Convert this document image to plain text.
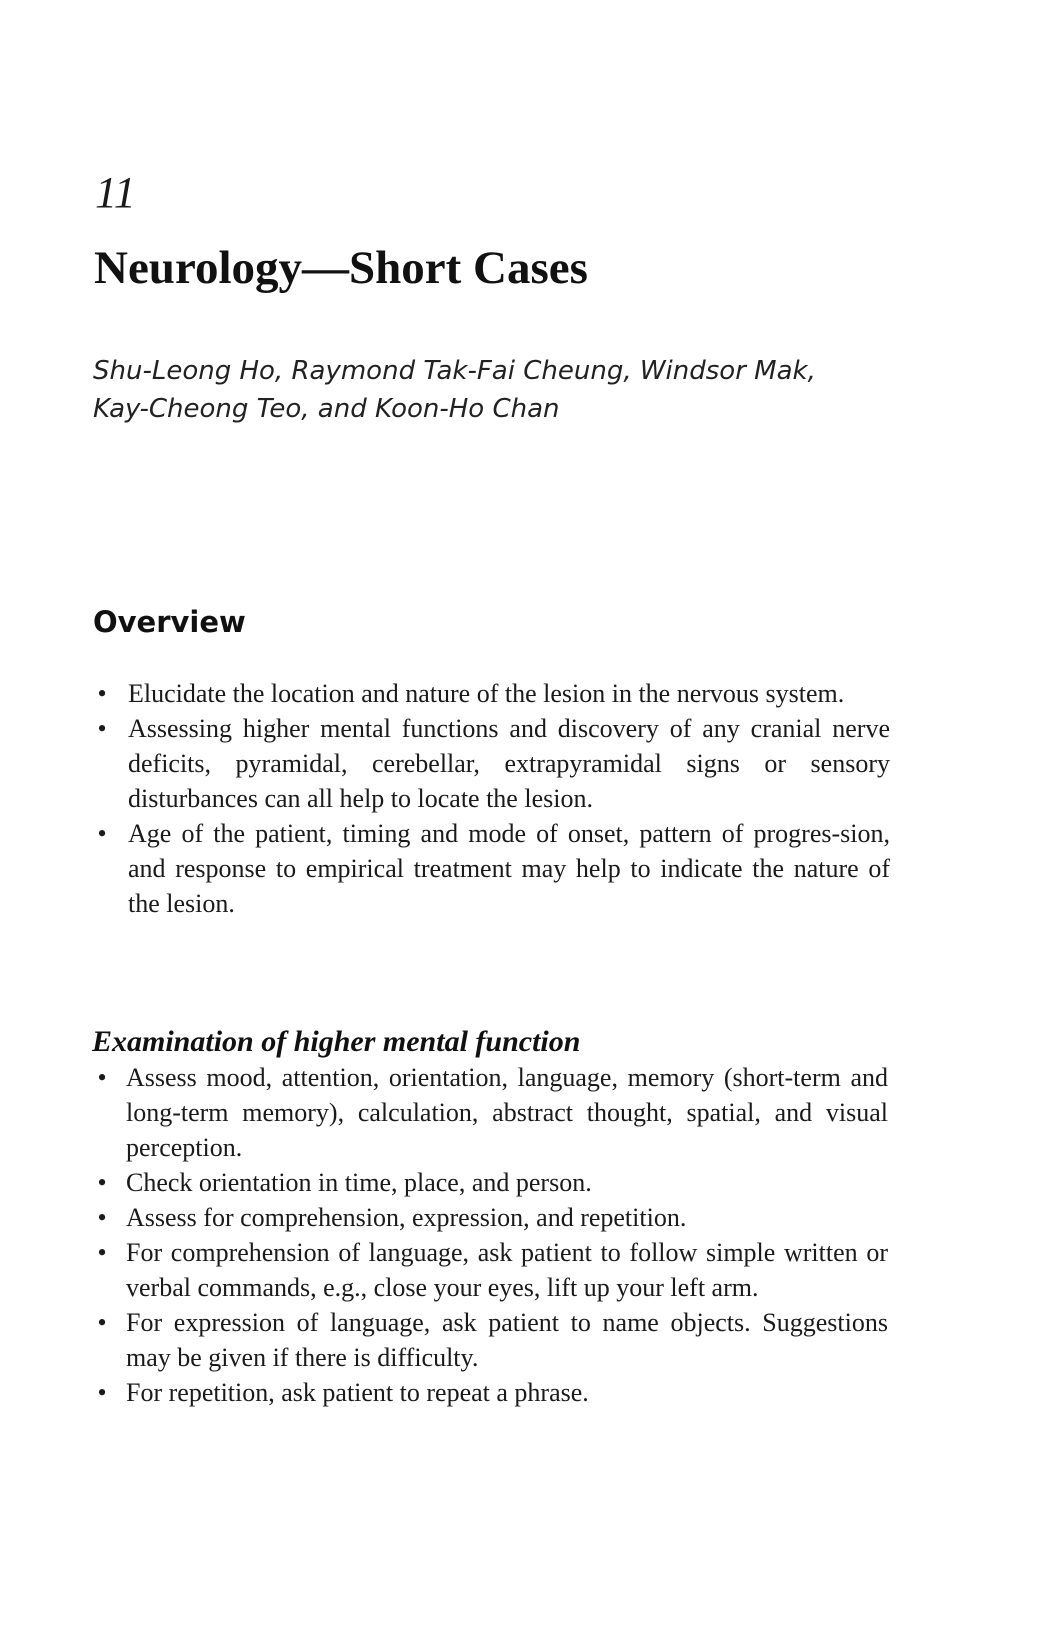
11
Neurology—Short Cases
Shu-Leong Ho, Raymond Tak-Fai Cheung, Windsor Mak,
Kay-Cheong Teo, and Koon-Ho Chan
Overview
• Elucidate the location and nature of the lesion in the nervous system.
• Assessing higher mental functions and discovery of any cranial nerve deficits, pyramidal, cerebellar, extrapyramidal signs or sensory disturbances can all help to locate the lesion.
• Age of the patient, timing and mode of onset, pattern of progres-sion, and response to empirical treatment may help to indicate the nature of the lesion.
Examination of higher mental function
• Assess mood, attention, orientation, language, memory (short-term and long-term memory), calculation, abstract thought, spatial, and visual perception.
• Check orientation in time, place, and person.
• Assess for comprehension, expression, and repetition.
• For comprehension of language, ask patient to follow simple written or verbal commands, e.g., close your eyes, lift up your left arm.
• For expression of language, ask patient to name objects. Suggestions may be given if there is difficulty.
• For repetition, ask patient to repeat a phrase.
